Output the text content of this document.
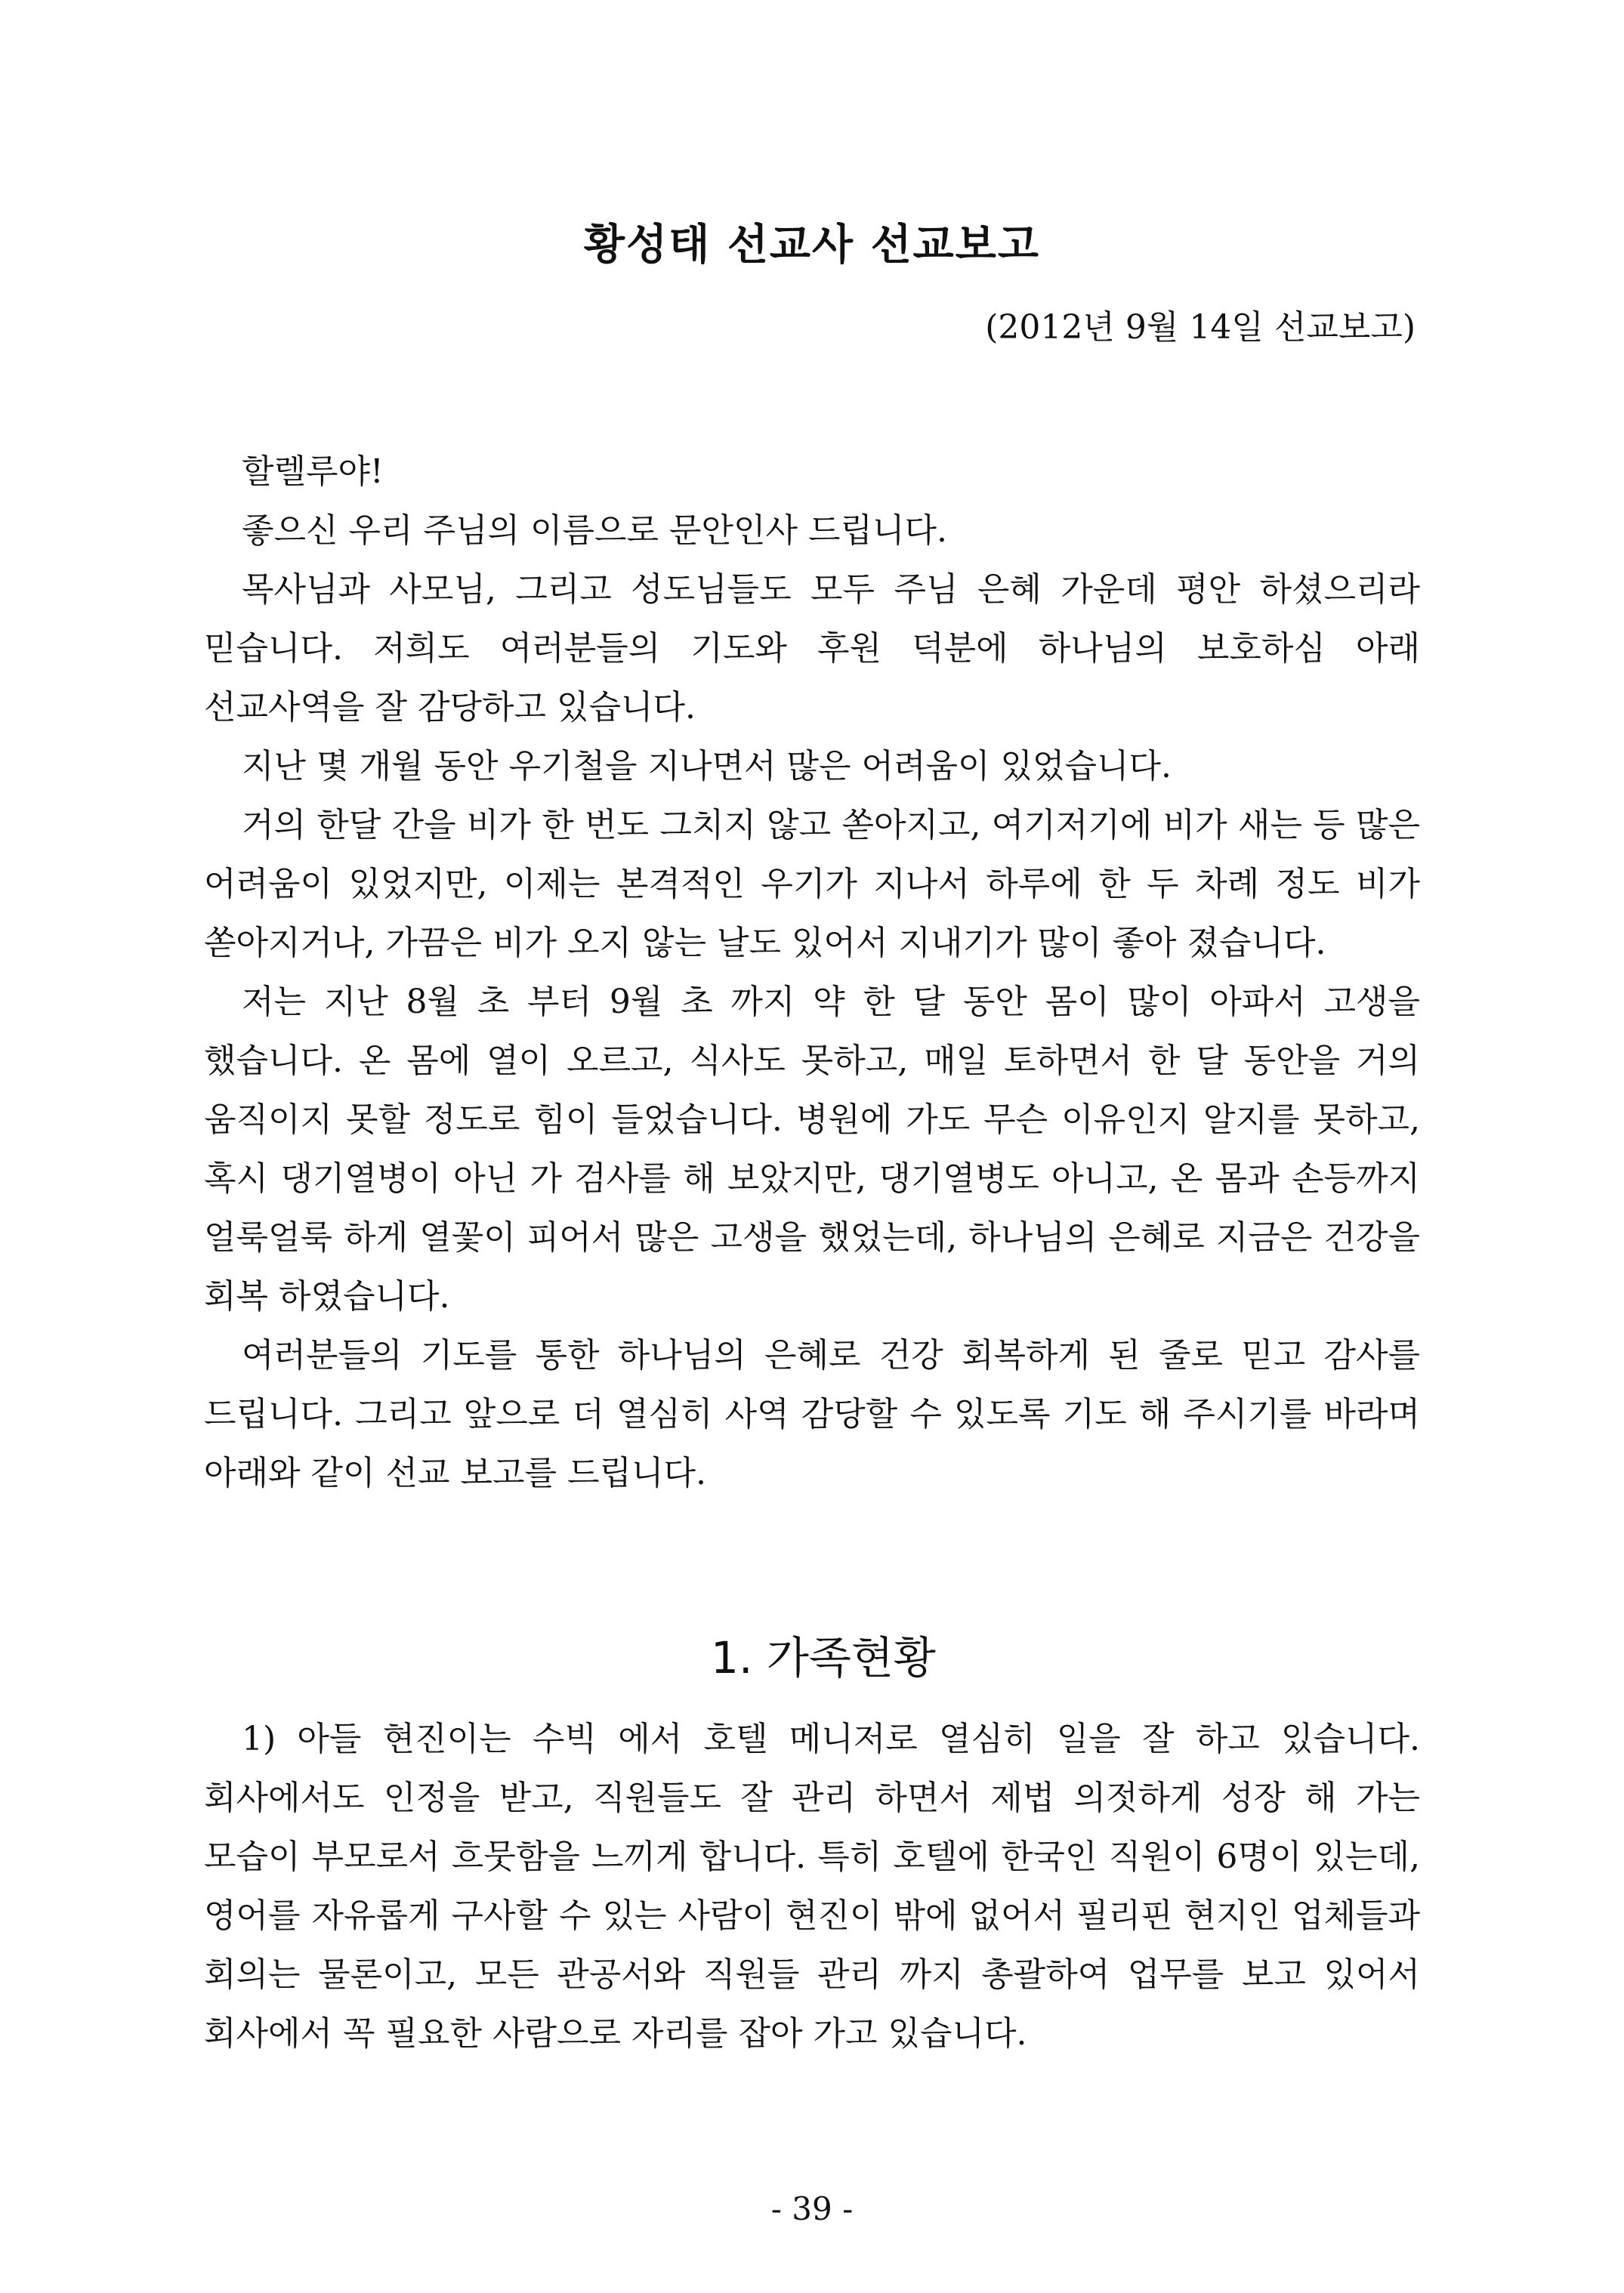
황성태 선교사 선교보고
(2012년 9월 14일 선교보고)

할렐루야!

좋으신 우리 주님의 이름으로 문안인사 드립니다.

목사님과 사모님, 그리고 성도님들도 모두 주님 은혜 가운데 평안 하셨으리라 믿습니다. 저희도 여러분들의 기도와 후원 덕분에 하나님의 보호하심 아래 선교사역을 잘 감당하고 있습니다.

지난 몇 개월 동안 우기철을 지나면서 많은 어려움이 있었습니다.

거의 한달 간을 비가 한 번도 그치지 않고 쏟아지고, 여기저기에 비가 새는 등 많은 어려움이 있었지만, 이제는 본격적인 우기가 지나서 하루에 한 두 차례 정도 비가 쏟아지거나, 가끔은 비가 오지 않는 날도 있어서 지내기가 많이 좋아 졌습니다.

저는 지난 8월 초 부터 9월 초 까지 약 한 달 동안 몸이 많이 아파서 고생을 했습니다. 온 몸에 열이 오르고, 식사도 못하고, 매일 토하면서 한 달 동안을 거의 움직이지 못할 정도로 힘이 들었습니다. 병원에 가도 무슨 이유인지 알지를 못하고, 혹시 댕기열병이 아닌 가 검사를 해 보았지만, 댕기열병도 아니고, 온 몸과 손등까지 얼룩얼룩 하게 열꽃이 피어서 많은 고생을 했었는데, 하나님의 은혜로 지금은 건강을 회복 하였습니다.

여러분들의 기도를 통한 하나님의 은혜로 건강 회복하게 된 줄로 믿고 감사를 드립니다. 그리고 앞으로 더 열심히 사역 감당할 수 있도록 기도 해 주시기를 바라며 아래와 같이 선교 보고를 드립니다.

1. 가족현황

1) 아들 현진이는 수빅 에서 호텔 메니저로 열심히 일을 잘 하고 있습니다. 회사에서도 인정을 받고, 직원들도 잘 관리 하면서 제법 의젓하게 성장 해 가는 모습이 부모로서 흐뭇함을 느끼게 합니다. 특히 호텔에 한국인 직원이 6명이 있는데, 영어를 자유롭게 구사할 수 있는 사람이 현진이 밖에 없어서 필리핀 현지인 업체들과 회의는 물론이고, 모든 관공서와 직원들 관리 까지 총괄하여 업무를 보고 있어서 회사에서 꼭 필요한 사람으로 자리를 잡아 가고 있습니다.

- 39 -
